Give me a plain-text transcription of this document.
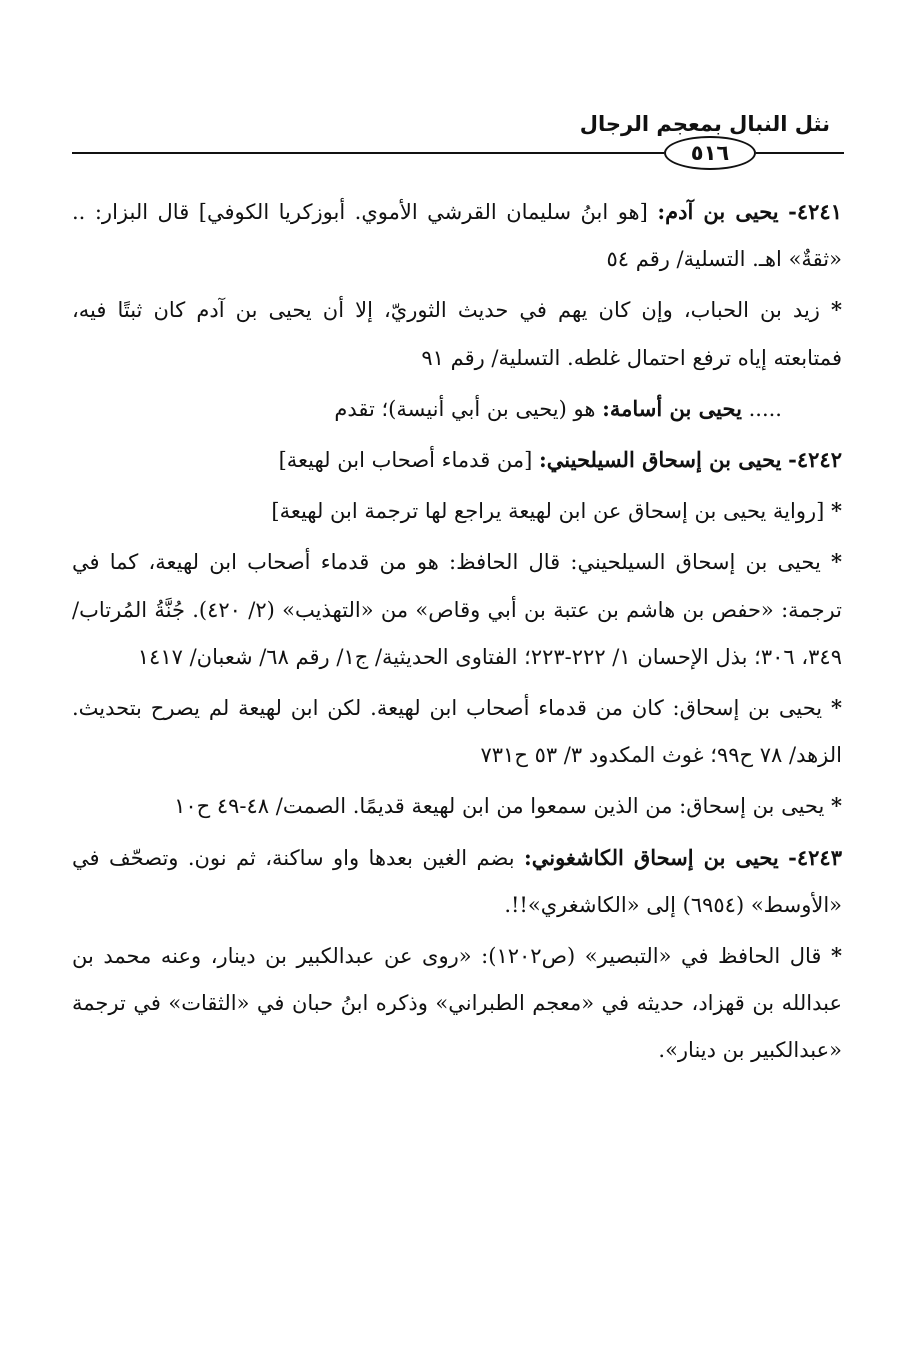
نثل النبال بمعجم الرجال
٥١٦

٤٢٤١- يحيى بن آدم: [هو ابنُ سليمان القرشي الأموي. أبوزكريا الكوفي] قال البزار: .. «ثقةٌ» اهـ. التسلية/ رقم ٥٤

* زيد بن الحباب، وإن كان يهم في حديث الثوريّ، إلا أن يحيى بن آدم كان ثبتًا فيه، فمتابعته إياه ترفع احتمال غلطه. التسلية/ رقم ٩١

..... يحيى بن أسامة: هو (يحيى بن أبي أنيسة)؛ تقدم

٤٢٤٢- يحيى بن إسحاق السيلحيني: [من قدماء أصحاب ابن لهيعة]

* [رواية يحيى بن إسحاق عن ابن لهيعة يراجع لها ترجمة ابن لهيعة]

* يحيى بن إسحاق السيلحيني: قال الحافظ: هو من قدماء أصحاب ابن لهيعة، كما في ترجمة: «حفص بن هاشم بن عتبة بن أبي وقاص» من «التهذيب» (٢/ ٤٢٠). جُنَّةُ المُرتاب/ ٣٤٩، ٣٠٦؛ بذل الإحسان ١/ ٢٢٢-٢٢٣؛ الفتاوى الحديثية/ ج١/ رقم ٦٨/ شعبان/ ١٤١٧

* يحيى بن إسحاق: كان من قدماء أصحاب ابن لهيعة. لكن ابن لهيعة لم يصرح بتحديث. الزهد/ ٧٨ ح٩٩؛ غوث المكدود ٣/ ٥٣ ح٧٣١

* يحيى بن إسحاق: من الذين سمعوا من ابن لهيعة قديمًا. الصمت/ ٤٨-٤٩ ح١٠

٤٢٤٣- يحيى بن إسحاق الكاشغوني: بضم الغين بعدها واو ساكنة، ثم نون. وتصحّف في «الأوسط» (٦٩٥٤) إلى «الكاشغري»!!.

* قال الحافظ في «التبصير» (ص١٢٠٢): «روى عن عبدالكبير بن دينار، وعنه محمد بن عبدالله بن قهزاد، حديثه في «معجم الطبراني» وذكره ابنُ حبان في «الثقات» في ترجمة «عبدالكبير بن دينار».
